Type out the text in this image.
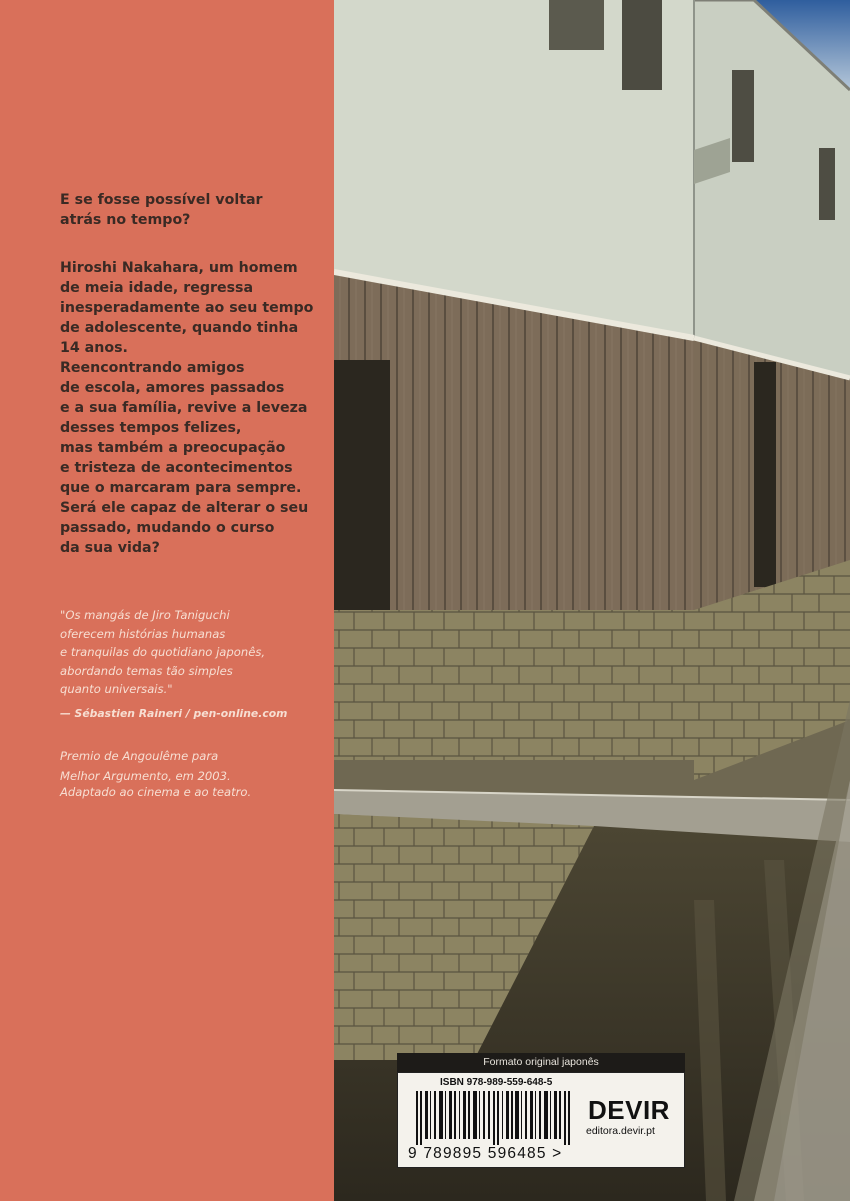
E se fosse possível voltar
atrás no tempo?
Hiroshi Nakahara, um homem
de meia idade, regressa
inesperadamente ao seu tempo
de adolescente, quando tinha
14 anos.
Reencontrando amigos
de escola, amores passados
e a sua família, revive a leveza
desses tempos felizes,
mas também a preocupação
e tristeza de acontecimentos
que o marcaram para sempre.
Será ele capaz de alterar o seu
passado, mudando o curso
da sua vida?
"Os mangás de Jiro Taniguchi
oferecem histórias humanas
e tranquilas do quotidiano japonês,
abordando temas tão simples
quanto universais."
— Sébastien Raineri / pen-online.com
Premio de Angoulême para
Melhor Argumento, em 2003.
Adaptado ao cinema e ao teatro.
Formato original japonês
ISBN 978-989-559-648-5
9 789895 596485 >
DEVIR
editora.devir.pt
